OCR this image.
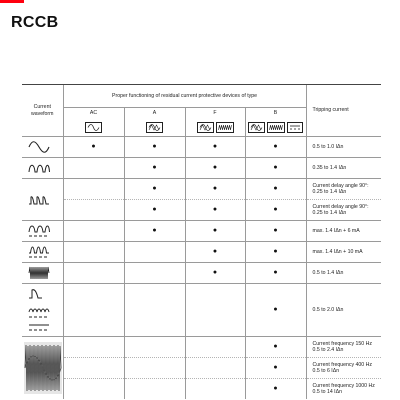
RCCB
Current waveform	Proper functioning of residual current protective devices of type				Tripping current
	AC	A	F	B	

	●	●	●	●	0.5 to 1.0 IΔn
		●	●	●	0.35 to 1.4 IΔn
		●	●	●	Current delay angle 90°: 0.25 to 1.4 IΔn
		●	●	●	Current delay angle 90°: 0.25 to 1.4 IΔn
		●	●	●	max. 1.4 IΔn + 6 mA
			●	●	max. 1.4 IΔn + 10 mA
			●	●	0.5 to 1.4 IΔn
				●	0.5 to 2.0 IΔn
				●	Current frequency 150 Hz 0.5 to 2.4 IΔn
				●	Current frequency 400 Hz 0.5 to 6 IΔn
				●	Current frequency 1000 Hz 0.5 to 14 IΔn
